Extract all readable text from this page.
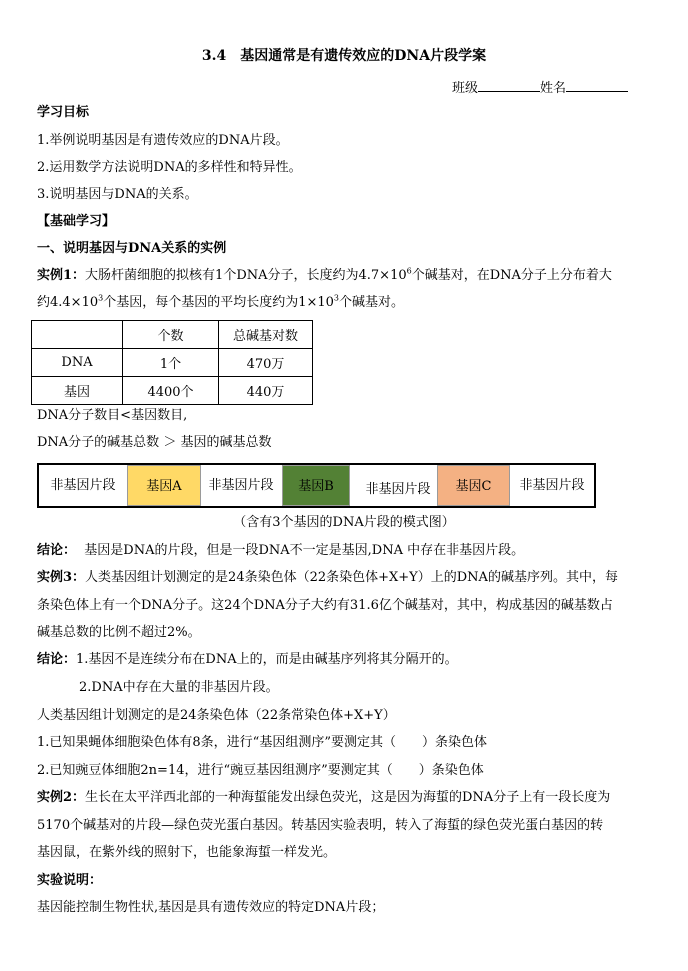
3.4　基因通常是有遗传效应的DNA片段学案
班级	姓名
学习目标
1.举例说明基因是有遗传效应的DNA片段。
2.运用数学方法说明DNA的多样性和特异性。
3.说明基因与DNA的关系。
【基础学习】
一、说明基因与DNA关系的实例
实例1：大肠杆菌细胞的拟核有1个DNA分子，长度约为$4.7\times 10^6$个碱基对，在DNA分子上分布着大
约$4.4\times 10^3$个基因，每个基因的平均长度约为$1\times 10^3$个碱基对。
	个数	总碱基对数
DNA	1个	470万
基因	4400个	440万
DNA分子数目<基因数目,
DNA分子的碱基总数 ＞ 基因的碱基总数
非基因片段	基因A	非基因片段	基因B	非基因片段	基因C	非基因片段
（含有3个基因的DNA片段的模式图）
结论： 基因是DNA的片段，但是一段DNA不一定是基因,DNA 中存在非基因片段。
实例3：人类基因组计划测定的是24条染色体（22条染色体+X+Y）上的DNA的碱基序列。其中，每
条染色体上有一个DNA分子。这24个DNA分子大约有31.6亿个碱基对，其中，构成基因的碱基数占
碱基总数的比例不超过2%。
结论：1.基因不是连续分布在DNA上的，而是由碱基序列将其分隔开的。
2.DNA中存在大量的非基因片段。
人类基因组计划测定的是24条染色体（22条常染色体+X+Y）
1.已知果蝇体细胞染色体有8条，进行“基因组测序”要测定其（　　）条染色体
2.已知豌豆体细胞2n=14，进行“豌豆基因组测序”要测定其（　　）条染色体
实例2：生长在太平洋西北部的一种海蜇能发出绿色荧光，这是因为海蜇的DNA分子上有一段长度为
5170个碱基对的片段—绿色荧光蛋白基因。转基因实验表明，转入了海蜇的绿色荧光蛋白基因的转
基因鼠，在紫外线的照射下，也能象海蜇一样发光。
实验说明：
基因能控制生物性状,基因是具有遗传效应的特定DNA片段；
